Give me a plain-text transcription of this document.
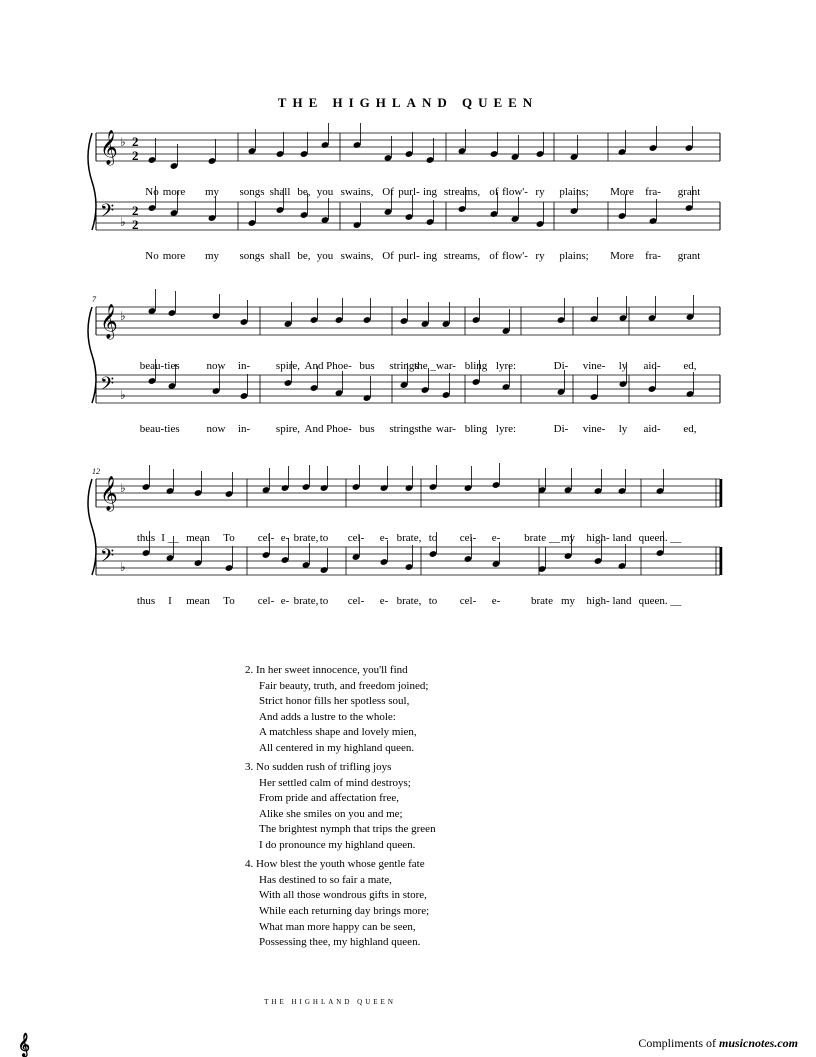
THE HIGHLAND QUEEN
𝄞 ♭ 2
2
𝄢 ♭
2
2
𝄞 ♭
𝄢 ♭
𝄞 ♭
𝄢 ♭
No more my songs shall be, you swains, Of purl- ing streams, of flow'- ry plains; More fra- grant
No more my songs shall be, you swains, Of purl- ing streams, of flow'- ry plains; More fra- grant
7
beau- ties now in- spire, And Phoe- bus strings
the _ war- bling lyre:	Di- vine- ly aid- ed,
beau- ties now in- spire, And Phoe- bus strings the war- bling lyre:	Di- vine- ly aid- ed,
12
thus I __ mean To cel- e- brate, to cel- e- brate, to cel- e- brate __ my high- land queen. __
thus I mean To cel- e- brate, to cel- e- brate, to cel- e-	brate my high- land queen. __
2. In her sweet innocence, you'll find
Fair beauty, truth, and freedom joined;
Strict honor fills her spotless soul,
And adds a lustre to the whole:
A matchless shape and lovely mien,
All centered in my highland queen.
3. No sudden rush of trifling joys
Her settled calm of mind destroys;
From pride and affectation free,
Alike she smiles on you and me;
The brightest nymph that trips the green
I do pronounce my highland queen.
4. How blest the youth whose gentle fate
Has destined to so fair a mate,
With all those wondrous gifts in store,
While each returning day brings more;
What man more happy can be seen,
Possessing thee, my highland queen.
THE HIGHLAND QUEEN
𝄞	Compliments of musicnotes.com
